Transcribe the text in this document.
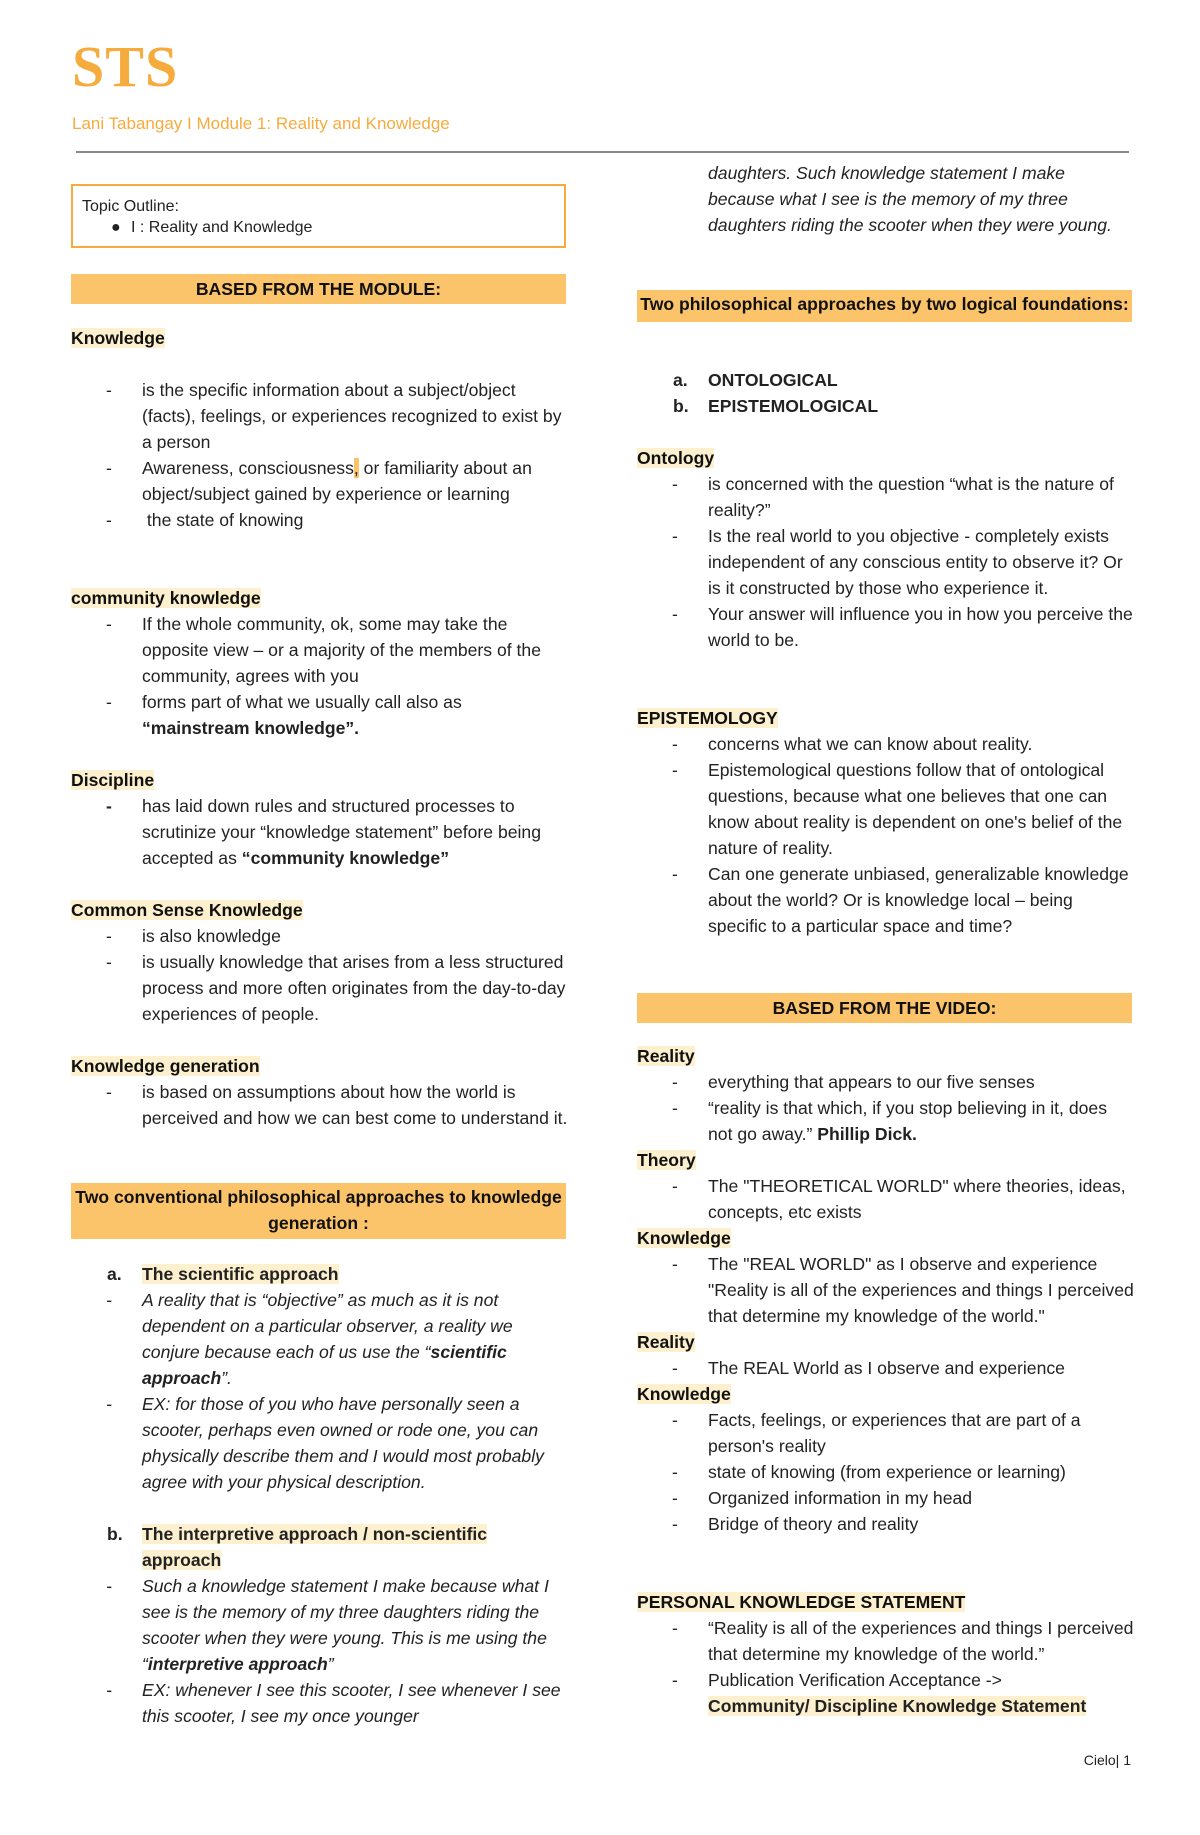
STS

Lani Tabangay I Module 1: Reality and Knowledge

Topic Outline:
● I : Reality and Knowledge
BASED FROM THE MODULE:
Knowledge
- is the specific information about a subject/object (facts), feelings, or experiences recognized to exist by a person
- Awareness, consciousness, or familiarity about an object/subject gained by experience or learning
- the state of knowing
community knowledge
- If the whole community, ok, some may take the opposite view – or a majority of the members of the community, agrees with you
- forms part of what we usually call also as “mainstream knowledge”.
Discipline
- has laid down rules and structured processes to scrutinize your “knowledge statement” before being accepted as “community knowledge”
Common Sense Knowledge
- is also knowledge
- is usually knowledge that arises from a less structured process and more often originates from the day-to-day experiences of people.
Knowledge generation
- is based on assumptions about how the world is perceived and how we can best come to understand it.
Two conventional philosophical approaches to knowledge generation :
a. The scientific approach
- A reality that is “objective” as much as it is not dependent on a particular observer, a reality we conjure because each of us use the “scientific approach”.
- EX: for those of you who have personally seen a scooter, perhaps even owned or rode one, you can physically describe them and I would most probably agree with your physical description.
b. The interpretive approach / non-scientific approach
- Such a knowledge statement I make because what I see is the memory of my three daughters riding the scooter when they were young. This is me using the “interpretive approach”
- EX: whenever I see this scooter, I see whenever I see this scooter, I see my once younger
daughters. Such knowledge statement I make because what I see is the memory of my three daughters riding the scooter when they were young.
Two philosophical approaches by two logical foundations:
a. ONTOLOGICAL
b. EPISTEMOLOGICAL
Ontology
- is concerned with the question “what is the nature of reality?”
- Is the real world to you objective - completely exists independent of any conscious entity to observe it? Or is it constructed by those who experience it.
- Your answer will influence you in how you perceive the world to be.
EPISTEMOLOGY
- concerns what we can know about reality.
- Epistemological questions follow that of ontological questions, because what one believes that one can know about reality is dependent on one's belief of the nature of reality.
- Can one generate unbiased, generalizable knowledge about the world? Or is knowledge local – being specific to a particular space and time?
BASED FROM THE VIDEO:
Reality
- everything that appears to our five senses
- “reality is that which, if you stop believing in it, does not go away.” Phillip Dick.
Theory
- The "THEORETICAL WORLD" where theories, ideas, concepts, etc exists
Knowledge
- The "REAL WORLD" as I observe and experience "Reality is all of the experiences and things I perceived that determine my knowledge of the world."
Reality
- The REAL World as I observe and experience
Knowledge
- Facts, feelings, or experiences that are part of a person's reality
- state of knowing (from experience or learning)
- Organized information in my head
- Bridge of theory and reality
PERSONAL KNOWLEDGE STATEMENT
- “Reality is all of the experiences and things I perceived that determine my knowledge of the world.”
- Publication Verification Acceptance ->
Community/ Discipline Knowledge Statement
Cielo| 1
